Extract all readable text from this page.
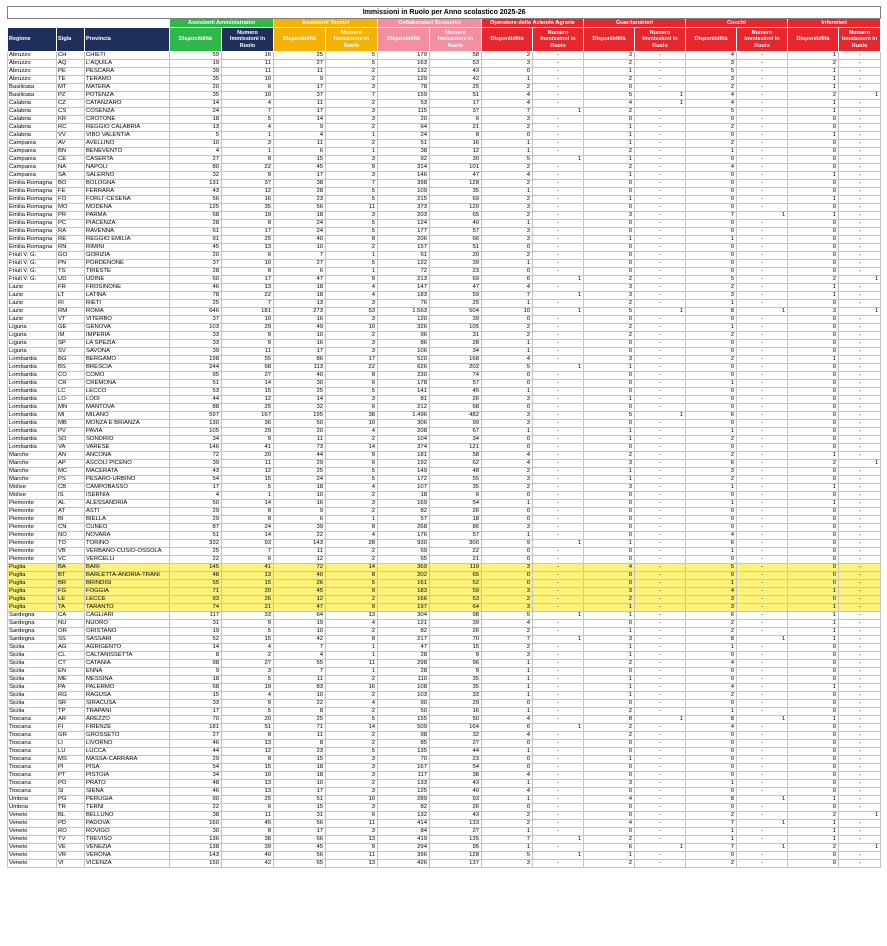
Immissioni in Ruolo per Anno scolastico 2025-26																
			Assistenti Amministrativi		Assistenti Tecnici		Collaboratori Scolastici		Operatore delle Aziende Agrarie		Guardarobieri		Cuochi		Infermieri	
Regione	Sigla	Provincia	Disponibilità	Numero Immissioni in Ruolo	Disponibilità	Numero Immissioni in Ruolo	Disponibilità	Numero Immissioni in Ruolo	Disponibilità	Numero Immissioni in Ruolo	Disponibilità	Numero Immissioni in Ruolo	Disponibilità	Numero Immissioni in Ruolo	Disponibilità	Numero Immissioni in Ruolo
Abruzzo	CH	CHIETI	59	16	25	5	179	58	2	-	3	-	4	-	1	-
Abruzzo	AQ	L'AQUILA	19	11	27	5	163	53	3	-	2	-	3	-	2	-
Abruzzo	PE	PESCARA	39	11	11	2	132	43	0	-	1	-	5	-	1	-
Abruzzo	TE	TERAMO	35	10	9	2	129	42	1	-	2	-	3	-	1	-
Basilicata	MT	MATERA	20	6	17	3	78	25	2	-	0	-	2	-	1	-
Basilicata	PZ	POTENZA	35	10	37	7	159	51	4	-	5	1	4	-	2	1
Calabria	CZ	CATANZARO	14	4	11	2	53	17	4	-	4	1	4	-	1	-
Calabria	CS	COSENZA	24	7	17	3	115	37	7	1	2	-	5	-	1	-
Calabria	KR	CROTONE	18	5	14	3	20	6	3	-	0	-	0	-	0	-
Calabria	RC	REGGIO CALABRIA	13	4	9	2	64	21	2	-	1	-	2	-	0	-
Calabria	VV	VIBO VALENTIA	5	1	4	1	24	8	0	-	1	-	0	-	1	-
Campania	AV	AVELLINO	10	3	11	2	51	16	1	-	1	-	2	-	0	-
Campania	BN	BENEVENTO	4	1	6	1	38	12	1	-	2	-	1	-	0	-
Campania	CE	CASERTA	27	8	15	3	92	30	5	1	1	-	0	-	0	-
Campania	NA	NAPOLI	80	22	45	9	314	101	2	-	2	-	4	-	0	-
Campania	SA	SALERNO	32	9	17	3	146	47	4	-	1	-	0	-	1	-
Emilia Romagna	BO	BOLOGNA	131	37	38	7	398	128	2	-	0	-	0	-	0	-
Emilia Romagna	FE	FERRARA	43	12	28	5	109	35	1	-	0	-	0	-	0	-
Emilia Romagna	FO	FORLI'-CESENA	56	16	23	5	215	69	2	-	1	-	0	-	1	-
Emilia Romagna	MO	MODENA	125	35	56	11	373	120	3	-	0	-	0	-	0	-
Emilia Romagna	PR	PARMA	68	19	18	3	203	65	2	-	3	-	7	1	1	-
Emilia Romagna	PC	PIACENZA	28	8	24	5	124	40	1	-	0	-	0	-	0	-
Emilia Romagna	RA	RAVENNA	61	17	24	5	177	57	3	-	0	-	0	-	0	-
Emilia Romagna	RE	REGGIO EMILIA	91	25	40	8	206	66	3	-	1	-	1	-	0	-
Emilia Romagna	RN	RIMINI	45	13	10	2	157	51	0	-	0	-	0	-	0	-
Friuli V. G.	GO	GORIZIA	20	6	7	1	61	20	2	-	0	-	0	-	0	-
Friuli V. G.	PN	PORDENONE	37	10	27	5	122	39	1	-	0	-	0	-	0	-
Friuli V. G.	TS	TRIESTE	28	8	6	1	72	23	0	-	0	-	0	-	0	-
Friuli V. G.	UD	UDINE	60	17	47	9	213	69	6	1	2	-	5	-	2	1
Lazio	FR	FROSINONE	46	13	18	4	147	47	4	-	3	-	2	-	1	-
Lazio	LT	LATINA	78	22	18	4	183	59	7	1	3	-	3	-	1	-
Lazio	RI	RIETI	25	7	13	3	76	25	1	-	2	-	1	-	0	-
Lazio	RM	ROMA	646	181	273	53	1.563	504	10	1	5	1	8	1	3	1
Lazio	VT	VITERBO	37	10	16	3	120	39	0	-	0	-	0	-	0	-
Liguria	GE	GENOVA	103	29	49	10	326	105	2	-	2	-	1	-	0	-
Liguria	IM	IMPERIA	33	9	10	2	96	31	2	-	2	-	2	-	0	-
Liguria	SP	LA SPEZIA	33	9	16	3	86	28	1	-	0	-	0	-	0	-
Liguria	SV	SAVONA	39	11	17	3	106	34	1	-	0	-	0	-	0	-
Lombardia	BG	BERGAMO	198	55	86	17	520	168	4	-	3	-	2	-	1	-
Lombardia	BS	BRESCIA	244	68	113	22	626	202	5	1	1	-	0	-	0	-
Lombardia	CO	COMO	95	27	40	8	230	74	0	-	0	-	0	-	0	-
Lombardia	CR	CREMONA	51	14	30	6	178	57	0	-	0	-	1	-	0	-
Lombardia	LC	LECCO	53	15	25	5	141	45	1	-	0	-	0	-	0	-
Lombardia	LO	LODI	44	12	14	3	81	26	3	-	1	-	0	-	0	-
Lombardia	MN	MANTOVA	88	25	32	6	212	68	0	-	0	-	0	-	0	-
Lombardia	MI	MILANO	597	167	195	38	1.496	482	3	-	5	1	6	-	0	-
Lombardia	MB	MONZA E BRIANZA	130	36	50	10	306	99	3	-	0	-	0	-	0	-
Lombardia	PV	PAVIA	105	29	20	4	208	67	1	-	1	-	1	-	0	-
Lombardia	SO	SONDRIO	34	9	11	2	104	34	0	-	1	-	2	-	0	-
Lombardia	VA	VARESE	146	41	73	14	374	121	0	-	0	-	0	-	0	-
Marche	AN	ANCONA	72	20	44	9	181	58	4	-	2	-	2	-	1	-
Marche	AP	ASCOLI PICENO	39	11	29	6	192	62	4	-	3	-	6	-	2	1
Marche	MC	MACERATA	43	12	25	5	149	48	2	-	1	-	3	-	0	-
Marche	PS	PESARO-URBINO	54	15	24	5	172	55	3	-	1	-	2	-	0	-
Molise	CB	CAMPOBASSO	17	5	18	4	107	35	2	-	3	-	1	-	1	-
Molise	IS	ISERNIA	4	1	10	2	18	6	0	-	0	-	0	-	0	-
Piemonte	AL	ALESSANDRIA	50	14	16	3	169	54	1	-	0	-	1	-	1	-
Piemonte	AT	ASTI	29	8	9	2	82	26	0	-	0	-	0	-	0	-
Piemonte	BI	BIELLA	29	8	6	1	57	18	0	-	0	-	0	-	0	-
Piemonte	CN	CUNEO	87	24	39	8	268	86	3	-	0	-	0	-	0	-
Piemonte	NO	NOVARA	51	14	22	4	176	57	1	-	0	-	4	-	0	-
Piemonte	TO	TORINO	332	93	143	28	930	300	9	1	1	-	6	-	0	-
Piemonte	VB	VERBANO-CUSIO-OSSOLA	25	7	11	2	69	22	0	-	0	-	1	-	0	-
Piemonte	VC	VERCELLI	22	6	12	2	65	21	0	-	0	-	0	-	0	-
Puglia	BA	BARI	145	41	72	14	369	119	3	-	4	-	5	-	0	-
Puglia	BT	BARLETTA-ANDRIA-TRANI	48	13	40	8	202	65	0	-	0	-	0	-	0	-
Puglia	BR	BRINDISI	55	15	26	5	161	52	0	-	0	-	1	-	0	-
Puglia	FG	FOGGIA	71	20	45	9	183	59	3	-	3	-	4	-	1	-
Puglia	LE	LECCE	93	26	12	2	166	53	2	-	2	-	3	-	0	-
Puglia	TA	TARANTO	74	21	47	9	197	64	3	-	1	-	3	-	1	-
Sardegna	CA	CAGLIARI	117	33	64	13	304	98	5	1	1	-	6	-	1	-
Sardegna	NU	NUORO	31	9	19	4	121	39	4	-	0	-	2	-	1	-
Sardegna	OR	ORISTANO	19	5	10	2	82	26	2	-	1	-	2	-	1	-
Sardegna	SS	SASSARI	52	15	42	8	217	70	7	1	3	-	8	1	1	-
Sicilia	AG	AGRIGENTO	14	4	7	1	47	15	2	-	1	-	1	-	0	-
Sicilia	CL	CALTANISSETTA	8	2	4	1	28	9	3	-	1	-	0	-	0	-
Sicilia	CT	CATANIA	98	27	55	11	298	96	1	-	2	-	4	-	0	-
Sicilia	EN	ENNA	9	3	7	1	28	9	1	-	0	-	0	-	0	-
Sicilia	ME	MESSINA	18	5	11	2	110	35	1	-	1	-	0	-	0	-
Sicilia	PA	PALERMO	68	19	83	16	108	35	1	-	1	-	4	-	1	-
Sicilia	RG	RAGUSA	15	4	10	2	103	33	1	-	1	-	2	-	0	-
Sicilia	SR	SIRACUSA	33	9	22	4	90	29	0	-	0	-	0	-	0	-
Sicilia	TP	TRAPANI	17	5	8	2	50	16	1	-	2	-	1	-	0	-
Toscana	AR	AREZZO	70	20	25	5	155	50	4	-	8	1	8	1	1	-
Toscana	FI	FIRENZE	181	51	71	14	509	164	6	1	2	-	4	-	0	-
Toscana	GR	GROSSETO	27	8	11	2	98	32	4	-	2	-	0	-	0	-
Toscana	LI	LIVORNO	46	13	8	2	85	27	0	-	0	-	0	-	0	-
Toscana	LU	LUCCA	44	12	23	5	135	44	1	-	0	-	0	-	0	-
Toscana	MS	MASSA-CARRARA	29	8	15	3	70	23	0	-	1	-	0	-	0	-
Toscana	PI	PISA	54	15	18	3	167	54	0	-	0	-	0	-	0	-
Toscana	PT	PISTOIA	34	10	18	3	117	38	4	-	0	-	0	-	0	-
Toscana	PO	PRATO	48	13	10	2	133	43	1	-	3	-	1	-	0	-
Toscana	SI	SIENA	46	13	17	3	125	40	4	-	0	-	0	-	0	-
Umbria	PG	PERUGIA	90	25	51	10	289	93	1	-	4	-	8	1	1	-
Umbria	TR	TERNI	22	6	15	3	82	26	0	-	0	-	0	-	0	-
Veneto	BL	BELLUNO	38	11	31	6	132	43	2	-	0	-	2	-	2	1
Veneto	PD	PADOVA	160	45	56	11	414	133	2	-	4	-	7	1	1	-
Veneto	RO	ROVIGO	30	8	17	3	84	27	1	-	0	-	1	-	1	-
Veneto	TV	TREVISO	136	38	66	13	419	135	7	1	2	-	1	-	1	-
Veneto	VE	VENEZIA	138	39	45	9	294	95	1	-	6	1	7	1	2	1
Veneto	VR	VERONA	143	40	56	11	396	128	5	1	1	-	0	-	0	-
Veneto	VI	VICENZA	150	42	65	13	426	137	3	-	2	-	2	-	0	-
